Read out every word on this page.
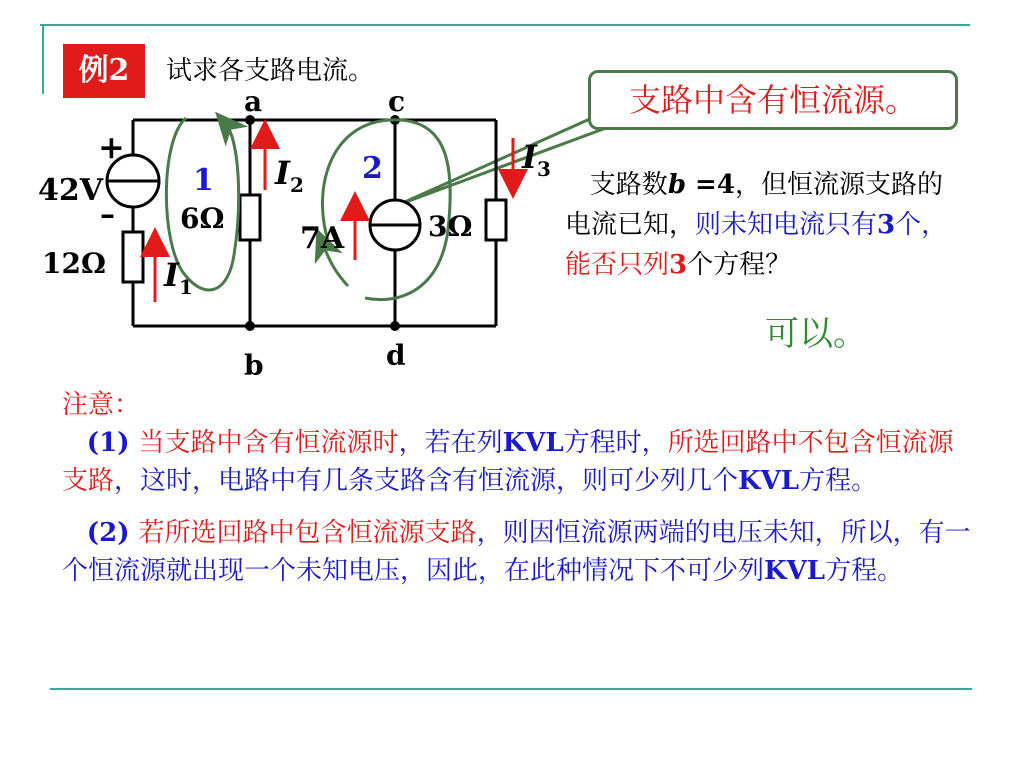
例2	试求各支路电流。
a	c
b	d
+
–
42V
12Ω
6Ω	3Ω
7A
1	2
$I_1$
$I_2$
$I_3$
支路中含有恒流源。
支路数b =4，但恒流源支路的电流已知，则未知电流只有3个，能否只列3个方程？
可以。

注意：

(1) 当支路中含有恒流源时，若在列KVL方程时，所选回路中不包含恒流源支路，这时，电路中有几条支路含有恒流源，则可少列几个KVL方程。

(2) 若所选回路中包含恒流源支路，则因恒流源两端的电压未知，所以，有一个恒流源就出现一个未知电压，因此，在此种情况下不可少列KVL方程。
